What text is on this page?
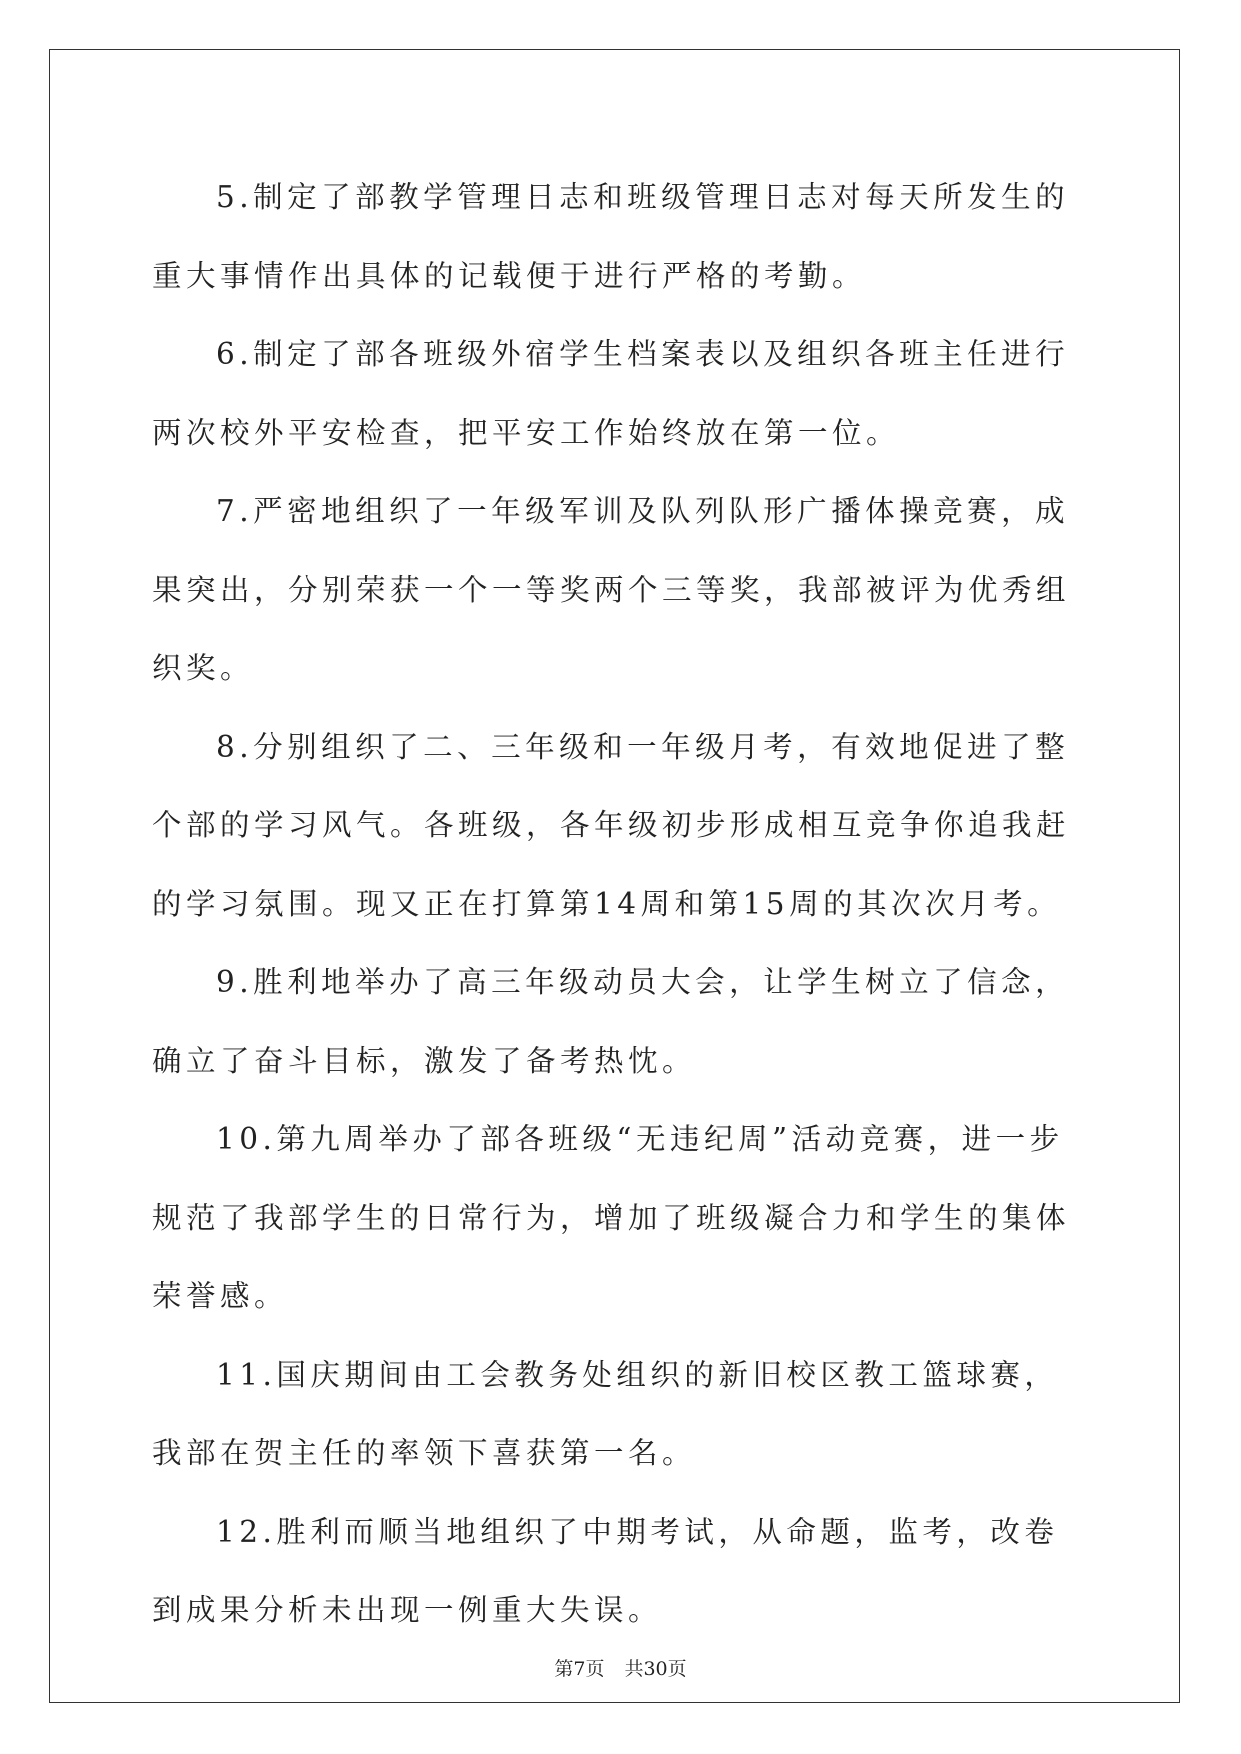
5.制定了部教学管理日志和班级管理日志对每天所发生的重大事情作出具体的记载便于进行严格的考勤。

6.制定了部各班级外宿学生档案表以及组织各班主任进行两次校外平安检查，把平安工作始终放在第一位。

7.严密地组织了一年级军训及队列队形广播体操竞赛，成果突出，分别荣获一个一等奖两个三等奖，我部被评为优秀组织奖。

8.分别组织了二、三年级和一年级月考，有效地促进了整个部的学习风气。各班级，各年级初步形成相互竞争你追我赶的学习氛围。现又正在打算第14周和第15周的其次次月考。

9.胜利地举办了高三年级动员大会，让学生树立了信念，确立了奋斗目标，激发了备考热忱。

10.第九周举办了部各班级“无违纪周”活动竞赛，进一步规范了我部学生的日常行为，增加了班级凝合力和学生的集体荣誉感。

11.国庆期间由工会教务处组织的新旧校区教工篮球赛，我部在贺主任的率领下喜获第一名。

12.胜利而顺当地组织了中期考试，从命题，监考，改卷到成果分析未出现一例重大失误。

第7页 共30页
